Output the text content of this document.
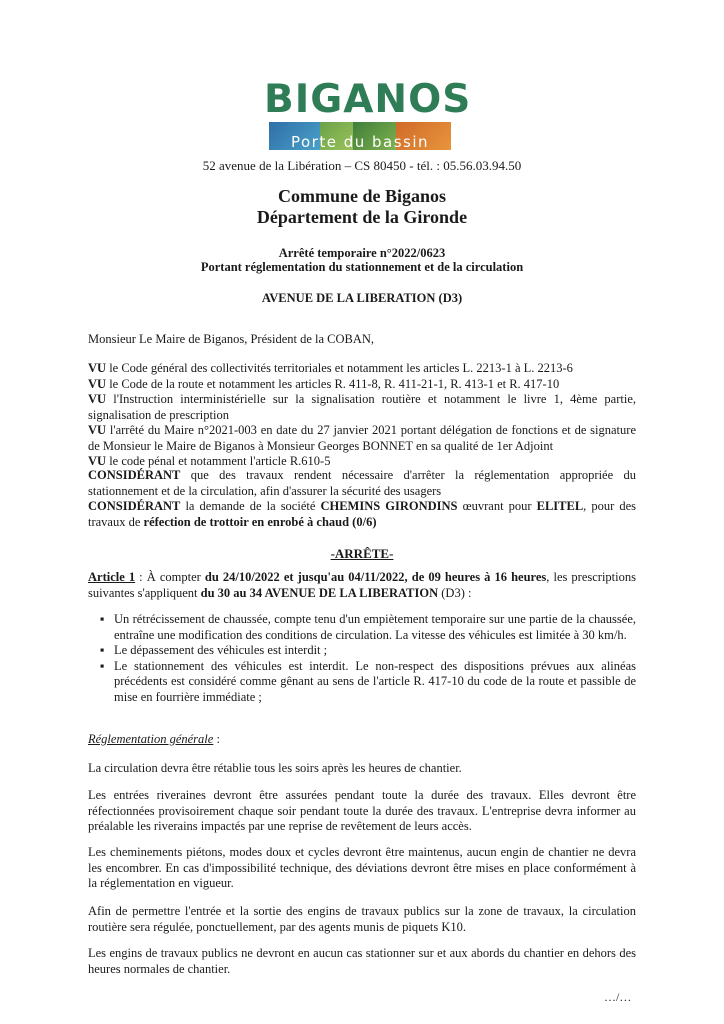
BIGANOS
Porte du bassin
52 avenue de la Libération – CS 80450 - tél. : 05.56.03.94.50
Commune de Biganos
Département de la Gironde
Arrêté temporaire n°2022/0623
Portant réglementation du stationnement et de la circulation
AVENUE DE LA LIBERATION (D3)
Monsieur Le Maire de Biganos, Président de la COBAN,
VU le Code général des collectivités territoriales et notamment les articles L. 2213-1 à L. 2213-6
VU le Code de la route et notamment les articles R. 411-8, R. 411-21-1, R. 413-1 et R. 417-10
VU l'Instruction interministérielle sur la signalisation routière et notamment le livre 1, 4ème partie, signalisation de prescription
VU l'arrêté du Maire n°2021-003 en date du 27 janvier 2021 portant délégation de fonctions et de signature de Monsieur le Maire de Biganos à Monsieur Georges BONNET en sa qualité de 1er Adjoint
VU le code pénal et notamment l'article R.610-5
CONSIDÉRANT que des travaux rendent nécessaire d'arrêter la réglementation appropriée du stationnement et de la circulation, afin d'assurer la sécurité des usagers
CONSIDÉRANT la demande de la société CHEMINS GIRONDINS œuvrant pour ELITEL, pour des travaux de réfection de trottoir en enrobé à chaud (0/6)
-ARRÊTE-
Article 1 : À compter du 24/10/2022 et jusqu'au 04/11/2022, de 09 heures à 16 heures, les prescriptions suivantes s'appliquent du 30 au 34 AVENUE DE LA LIBERATION (D3) :
▪ Un rétrécissement de chaussée, compte tenu d'un empiètement temporaire sur une partie de la chaussée, entraîne une modification des conditions de circulation. La vitesse des véhicules est limitée à 30 km/h.
▪ Le dépassement des véhicules est interdit ;
▪ Le stationnement des véhicules est interdit. Le non-respect des dispositions prévues aux alinéas précédents est considéré comme gênant au sens de l'article R. 417-10 du code de la route et passible de mise en fourrière immédiate ;
Réglementation générale :
La circulation devra être rétablie tous les soirs après les heures de chantier.
Les entrées riveraines devront être assurées pendant toute la durée des travaux. Elles devront être réfectionnées provisoirement chaque soir pendant toute la durée des travaux. L'entreprise devra informer au préalable les riverains impactés par une reprise de revêtement de leurs accès.
Les cheminements piétons, modes doux et cycles devront être maintenus, aucun engin de chantier ne devra les encombrer. En cas d'impossibilité technique, des déviations devront être mises en place conformément à la réglementation en vigueur.
Afin de permettre l'entrée et la sortie des engins de travaux publics sur la zone de travaux, la circulation routière sera régulée, ponctuellement, par des agents munis de piquets K10.
Les engins de travaux publics ne devront en aucun cas stationner sur et aux abords du chantier en dehors des heures normales de chantier.
…/…
